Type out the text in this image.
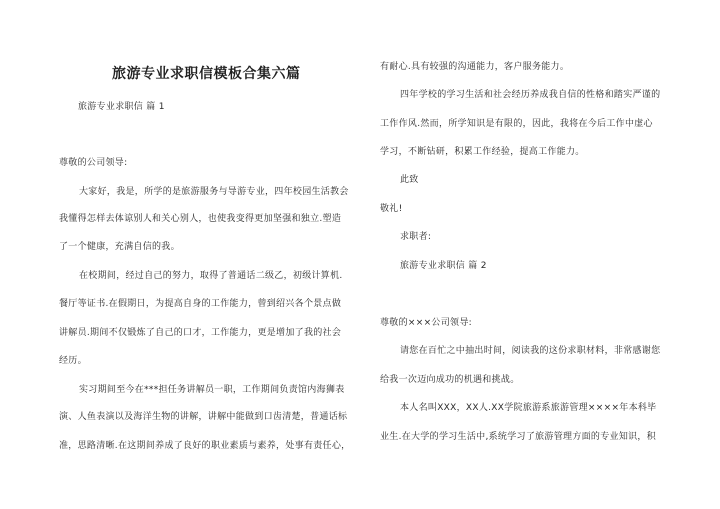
旅游专业求职信模板合集六篇
旅游专业求职信 篇 1
尊敬的公司领导:
大家好，我是，所学的是旅游服务与导游专业，四年校园生活教会
我懂得怎样去体谅别人和关心别人，也使我变得更加坚强和独立.塑造
了一个健康，充满自信的我。
在校期间，经过自己的努力，取得了普通话二级乙，初级计算机.
餐厅等证书.在假期日，为提高自身的工作能力，曾到绍兴各个景点做
讲解员.期间不仅锻炼了自己的口才，工作能力，更是增加了我的社会
经历。
实习期间至今在***担任务讲解员一职，工作期间负责馆内海狮表
演、人鱼表演以及海洋生物的讲解，讲解中能做到口齿清楚，普通话标
准，思路清晰.在这期间养成了良好的职业素质与素养，处事有责任心，
有耐心.具有较强的沟通能力，客户服务能力。
四年学校的学习生活和社会经历养成我自信的性格和踏实严谨的
工作作风.然而，所学知识是有限的，因此，我将在今后工作中虚心
学习，不断钻研，积累工作经验，提高工作能力。
此致
敬礼!
求职者:
旅游专业求职信 篇 2
尊敬的×××公司领导:
请您在百忙之中抽出时间，阅读我的这份求职材料，非常感谢您
给我一次迈向成功的机遇和挑战。
本人名叫XXX，XX人.XX学院旅游系旅游管理××××年本科毕
业生.在大学的学习生活中,系统学习了旅游管理方面的专业知识，积
